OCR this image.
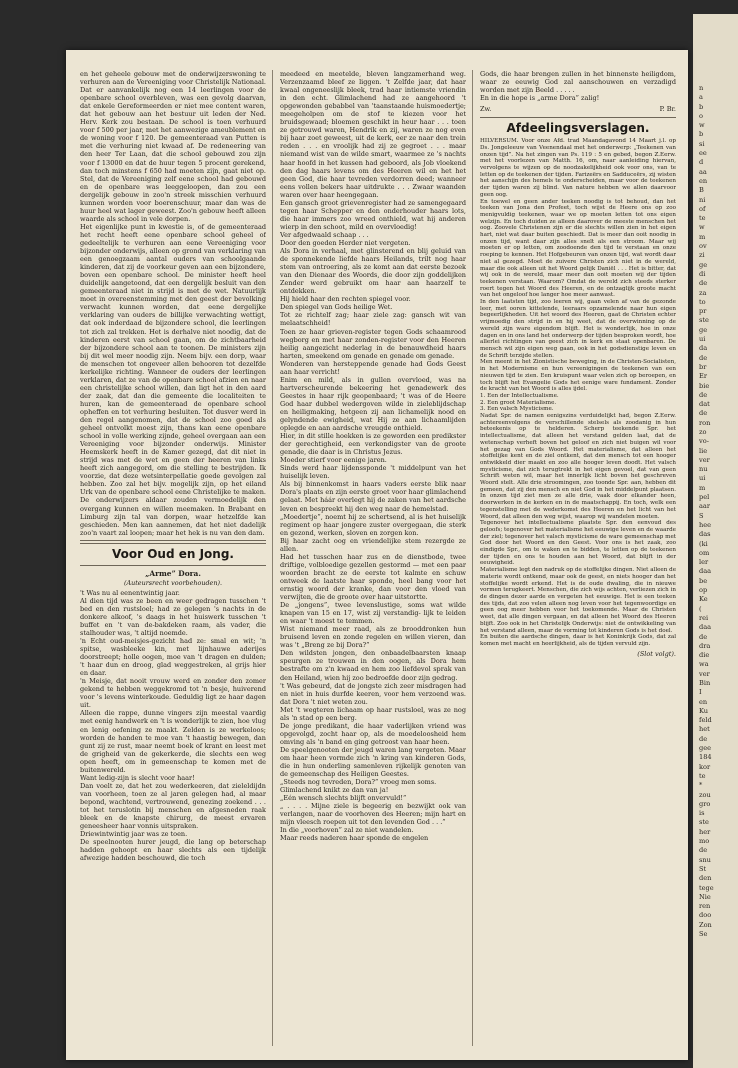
n
a
b
o
w
b
si
ee
d
aa
en
B
ni
of
te
w
m
ov
zi
ge
di
de
za
to
pr
ste
ge
ui
da
de
br
Er
bie
de
dat
de
ron
zo
vo-
lie
ver
nu
ui
m
pel
aar
S
hee
das
(ki
om
ler
daa
be
op
Ke
(
rei
daa
de
dra
die
wa
ver
Bin
I
en
Ku
feld
het
de
gee
184
kor
te
*
zou
gro
is
ste
her
mo
de
snu
St
den
tege
Nie
ren
doo
Zon
Se

en het geheele gebouw met de onderwijzerswoning te verhuren aan de Vereeniging voor Christelijk Nationaal. Dat er aanvankelijk nog een 14 leerlingen voor de openbare school overbleven, was een gevolg daarvan, dat enkele Gereformeerden er niet mee content waren, dat het gebouw aan het bestuur uit leden der Ned. Herv. Kerk zou bestaan. De school is toen verhuurd voor f 500 per jaar, met het aanwezige ameublement en de woning voor f 120. De gemeenteraad van Putten is met die verhuring niet kwaad af. De redeneering van den heer Ter Laan, dat die school gebouwd zou zijn voor f 13000 en dat de huur tegen 5 procent gerekend, dan toch minstens f 650 had moeten zijn, gaat niet op. Stel, dat de Vereeniging zelf eene school had gebouwd en de openbare was leeggeloopen, dan zou een dergelijk gebouw in zoo'n streek misschien verhuurd kunnen worden voor boerenschuur, maar dan was de huur heel wat lager geweest. Zoo'n gebouw heeft alleen waarde als school in vele dorpen.
Het eigenlijke punt in kwestie is, of de gemeenteraad het recht heeft eene openbare school geheel of gedeeltelijk te verhuren aan eene Vereeniging voor bijzonder onderwijs, alleen op grond van verklaring van een genoegzaam aantal ouders van schoolgaande kinderen, dat zij de voorkeur geven aan een bijzondere, boven een openbare school. De minister heeft heel duidelijk aangetoond, dat een dergelijk besluit van den gemeenteraad niet in strijd is met de wet. Natuurlijk moet in overeenstemming met den geest der bevolking verwacht kunnen worden, dat eene dergelijke verklaring van ouders de billijke verwachting wettigt, dat ook inderdaad de bijzondere school, die leerlingen tot zich zal trekken. Het is derhalve niet noodig, dat de kinderen eerst van school gaan, om de zichtbaarheid der bijzondere school aan te toonen. De ministers zijn bij dit wel meer noodig zijn. Neem bijv. een dorp, waar de menschen tot ongeveer allen behooren tot dezelfde kerkelijke richting. Wanneer de ouders der leerlingen verklaren, dat ze van de openbare school afzien en naar een christelijke school willen, dan ligt het in den aard der zaak, dat dan die gemeente die localiteiten te huren, kan de gemeenteraad de openbare school opheffen en tot verhuring besluiten. Tot dusver werd in den regel aangenomen, dat de school zoo goed als geheel ontvolkt moest zijn, thans kan eene openbare school in volle werking zijnde, geheel overgaan aan een Vereeniging voor bijzonder onderwijs. Minister Heemskerk heeft in de Kamer gezegd, dat dit niet in strijd was met de wet en geen der heeren van links heeft zich aangegord, om die stelling te bestrijden. Ik voorzie, dat deze wetsinterpellatie goede gevolgen zal hebben. Zoo zal het bijv. mogelijk zijn, op het eiland Urk van de openbare school eene Christelijke te maken. De onderwijzers aldaar zouden vermoedelijk den overgang kunnen en willen meemaken. In Brabant en Limburg zijn tal van dorpen, waar hetzelfde kan geschieden. Men kan aannemen, dat het niet dadelijk zoo'n vaart zal loopen; maar het hek is nu van den dam.

Voor Oud en Jong.
„Arme” Dora.
(Auteursrecht voorbehouden).

't Was nu al eenentwintig jaar.
Al dien tijd was ze been en weer gedragen tusschen 't bed en den rustsloel; had ze gelegen 's nachts in de donkere alkoof, 's daags in het huiswerk tusschen 't buffet en 't van de-bakdeken raam, als vader, die stalhouder was, 't altijd noemde.
'n Echt oud-meisjes-gezicht had ze: smal en wit; 'n spitse, wasbleeke kin, met lijnhauwe aderijes doorstreept; holle oogen, moe van 't dragen en dulden; 't haar dun en droog, glad weggestreken, al grijs hier en daar.
'n Meisje, dat nooit vrouw werd en zonder den zomer gekend te hebben weggekromd tot 'n besje, huiverend voor 's levens winterkoude. Geduldig ligt ze haar dagen uit.
Alleen die rappe, dunne vingers zijn meestal vaardig met eenig handwerk en 't is wonderlijk te zien, hoe vlug en lenig oefening ze maakt. Zelden is ze werkeloos; worden de handen te moe van 't haastig bewegen, dan gunt zij ze rust, maar neemt boek of krant en leest met de grigheid van de gekerkerde, die slechts een weg open heeft, om in gemeenschap te komen met de buitenwereld.
Want ledig-zijn is slecht voor haar!
Dan voelt ze, dat het zou wederkeeren, dat zieleldijdn van voorheen, toen ze al jaren gelegen had, al maar bepond, wachtend, vertrouwend, genezing zoekend . . . tot het teruslotin bij menschen en afgesneden raak bleek en de knapste chirurg, de meest ervaren geneesheer haar vonnis uitspraken.
Driewintwintig jaar was ze toen.
De speelnooten hurer jeugd, die lang op beterschap hadden gehoopt en haar slechts als een tijdelijk afwezige hadden beschouwd, die toch

meedeed en meetelde, bleven langzamerhand weg. Verzenzaamd bleef ze liggen. 't Zelfde jaar, dat haar kwaal ongeneeslijk bleek, trad haar intiemste vriendin in den echt. Glimlachend had ze aangehoord 't opgewonden gebabbel van 'taanstaande huismoedertje; meegeholpen om de stof te kiezen voor het bruidsgewaad; bloemen geschikt in heur haar . . . toen ze getrouwd waren, Hendrik en zij, waren ze nog even bij haar zoet geweest, uit de kerk, eer ze naar den trein reden . . . en vroolijk had zij ze gegroet . . . maar niemand wist van de wilde smart, waarmee ze 's nachts haar hoofd in het kussen had geboord, als Job vloekend den dag haars levens om des Heeren wil en het het geen God, die haar tevreden verdorren deed; wanneer eens vollen bekers haar uitdrukte . . . Zwaar waanden waren over haar heengegaan.
Een gansch groot grievenregister had ze samengegaard tegen haar Schepper en den onderhouder haars lots, die haar immers zoo wreed onthield, wat hij anderen wierp in den schoot, mild en overvloedig!
Ver afgedwaald schaap . . .
Door den goeden Herder niet vergeten.
Als Dora in verhaal, met glinsterend en blij geluid van de sponnekende liefde haars Heilands, trilt nog haar stem van ontroering, als ze komt aan dat eerste bezoek van den Dienaar des Woords, die door zijn goddelijken Zender werd gebruikt om haar aan haarzelf te ontdekken.
Hij hield haar den rechten spiegel voor.
Den spiegel van Gods heilige Wet.
Tot ze richtelf zag; haar ziele zag: gansch wit van melaatschheid!
Toen ze haar grieven-register tegen Gods schaamrood wegborg en met haar zonden-register voor den Heeren heilig aangezicht nederlag in de benauwdheid haars harten, smeekend om genade en genade om genade.
Wonderen van hersteppende genade had Gods Geest aan haar verricht!
Enim en mild, als in gullen overvloed, was na hartverscheurende bekeering het genadewerk des Geestes in haar rijk geopenbaard; 't was of de Heere God haar dubbel wedergoven wilde in zieleblijdschap en heiligmaking, hetgeen zij aan lichamelijk nood en gelyndende ewigheid, wat Hij ze aan lichaamlijden oplegde en aan aardsche vreugde onthield.
Hier, in dit stille hoekken is ze geworden een predikster der gerechtigheid, een verkondigster van de groote genade, die daar is in Christus Jezus.
Moeder stierf voor eenige jaren.
Sinds werd haar lijdenssponde 't middelpunt van het huiselijk leven.
Als bij binnenkomst in haars vaders eerste blik naar Dora's plaats en zijn eerste groet voor haar glimlachend gelaat. Met háár overlegt hij de zaken van het aardsche leven en bespreekt hij den weg naar de hemelstad.
„Moedertje”, noemt hij ze schertsend, al is het huiselijk regiment op haar jongere zuster overgegaan, die sterk en gezond, werken, sloven en zorgen kon.
Bij haar zacht oog en vriendelijke stem rezergde ze allen.
Had het tusschen haar zus en de dienstbode, twee driftige, volbloedige gezellen gestormd — met een paar woorden bracht ze de eerste tot kalmte en schuw ontweek de laatste haar sponde, heel bang voor het ernstig woord der kranke, dan voor den vloed van verwijten, die de groote over haar uitstortte.
De „jongens”, twee levenslustige, soms wat wilde knapen van 15 en 17, wist zij verstandig- lijk te leiden en waar 't moest te temmen.
Wist niemand meer raad, als ze brooddronken hun bruisend leven en zonde regelen en willen vieren, dan was 't „Breng ze bij Dora?”
Den wildsten jongen, den onbaadelbaarsten knaap speurgen ze trouwen in den oogen, als Dora hem bestrafte om z'n kwaad en hem zoo liefdevol sprak van den Heiland, wien hij zoo bedroefde door zijn gedrag.
't Was gebeurd, dat de jongste zich zeer misdragen had en niet in huis durfde keeren, voor hem verzoend was. dat Dora 't niet weten zou.
Met 't wegteren lichaam op haar rustsloel, was ze nog als 'n stad op een berg.
De jonge predikant, die haar vaderlijken vriend was opgevolgd, zocht haar op, als de moedeloosheid hem omving als 'n band en ging getroost van haar heen.
De speelgenooten der jeugd waren lang vergeten. Maar om haar heen vormde zich 'n kring van kinderen Gods, die in hun onderling samenleven rijkelijk genoten van de gemeenschap des Heiligen Geestes.
„Steeds nog tevreden, Dora?” vroeg men soms.
Glimlachend knikt ze dan van ja!
„Eén wensch slechts blijft onvervuld!”
„ . . . . Mijne ziele is begeerig en bezwijkt ook van verlangen, naar de voorhoven des Heeren; mijn hart en mijn vleesch roepen uit tot den levenden God . . .”
In die „voorhoven” zal ze niet wandelen.
Maar reeds naderen haar sponde de engelen

Gods, die haar brengen zullen in het binnenste heiligdom, waar ze eeuwig God zal aanschouwen en verzadigd worden met zijn Beeld . . . . .
En in die hope is „arme Dora” zalig!

Zw.	P. Br.
Afdeelingsverslagen.

HILVERSUM. Voor onze Afd. trad Maandagavond 14 Maart j.l. op Ds. Jongeleeuw van Veenendaal met het onderwerp: „Teekenen van onzen tijd”. Na het zingen van Ps. 119 : 5 en gebed, begon Z.Eerw. met het voorlezen van Matth. 16, om, naar aanleiding hiervan, vervolgens te wijzen op de noodzakelijkheid ook voor ons, van te letten op de teekenen der tijden. Farizeërs en Sadduceërs, zij wisten het aanschijn des hemels te onderscheiden, maar voor de teekenen der tijden waren zij blind. Van nature hebben we allen daarvoor geen oog.
En toewel en geen ander teeken noodig is tot behoud, dan het teeken van Jona den Profeet, toch wijst de Heere ons op zoo menigvuldig teekenen, waar we op moeten letten tot ons eigen welzijn. En toch duiden ze alleen daarover de meeste menschen het oog. Zoovele Christenen zijn er die slechts willen zien in het eigen hart, niet wat daar buiten geschiedt. Dat is meer dan ooit noodig in onzen tijd, want daar zijn alles snelt als een stroom. Maar wij moeten er op letten, om zoodoende den tijd te verstaan en onze roeping te kennen. Het Hofgebeuren van onzen tijd, wat wordt daar niet al gezegd. Moet de zuivere Christen zich niet in de wereld, maar die ook alleen uit het Woord gelijk Daniël . . . Het is bitter, dat wij ook in de wereld, maar meer dan ooit moeten wij der tijden teekenen verstaan. Waarom? Omdat de wereld zich steeds sterker roert tegen het Woord des Heeren, en de ontzaglijk groote macht van het ongeloof hoe langer hoe meer aanwast.
In den laatsten tijd, zoo leeren wij, gaan velen af van de gezonde leer, met ooren kittelende, leeraars opzamelende naar hun eigen begeerlijkheden. Uit het woord des Heeren, gaat de Christen echter vrijmoedig den strijd in en hij weet, dat de overwinning op de wereld zijn ware eigendom blijft. Het is wonderlijk, hoe in onze dagen en in ons land het onderwerp der tijden besproken wordt, hoe allerlei richtingen van geest zich in kerk en staat openbaren. De mensch wil zijn eigen weg gaan, ook in het godsdienstige leven en de Schrift terzijde stellen.
Men meent in het Zionistische beweging, in de Christen-Socialisten, in het Modernisme en hun vereenigingen de teekenen van een nieuwen tijd te zien. Een kruispunt waar velen zich op beroepen, en toch blijft het Evangelie Gods het eenige ware fundament. Zonder de kracht van het Woord is alles ijdel.
1. Een der Intellectualisme.
2. Een groot Materialisme.
3. Een valsch Mysticisme.
Nadat Spr. de namen eenigszins verduidelijkt had, begon Z.Eerw. achtereenvolgens de verschillende stelsels als zoodanig in hun beteekenis op te helderen. Scherp teekende Spr. het intellectualisme, dat alleen het verstand gelden laat, dat de wetenschap verheft boven het geloof en zich niet buigen wil voor het gezag van Gods Woord. Het materialisme, dat alleen het stoffelijke kent en de ziel ontkent, dat den mensch tot een hooger ontwikkeld dier maakt en zoo alle hooger leven doodt. Het valsch mysticisme, dat zich terugtrekt in het eigen gevoel, dat van geen Schrift weten wil, maar het innerlijk licht boven het geschreven Woord stelt. Alle drie stroomingen, zoo toonde Spr. aan, hebben dit gemeen, dat zij den mensch en niet God in het middelpunt plaatsen. In onzen tijd ziet men ze alle drie, vaak door elkander heen, doorwerken in de kerken en in de maatschappij. En toch, welk een tegenstelling met de wederkomst des Heeren en het licht van het Woord, dat alleen den weg wijst, waarop wij wandelen moeten.
Tegenover het intellectualisme plaatste Spr. den eenvoud des geloofs; tegenover het materialisme het eeuwige leven en de waarde der ziel; tegenover het valsch mysticisme de ware gemeenschap met God door het Woord en den Geest. Voor ons is het zaak, zoo eindigde Spr., om te waken en te bidden, te letten op de teekenen der tijden en ons te houden aan het Woord, dat blijft in der eeuwigheid.
Materialisme legt den nadruk op de stoffelijke dingen. Niet alleen de materie wordt ontkend, maar ook de geest, en niets hooger dan het stoffelijke wordt erkend. Het is de oude dwaling, die in nieuwe vormen terugkeert. Menschen, die zich wijs achten, verliezen zich in de dingen dezer aarde en vergeten het eeuwige. Het is een teeken des tijds, dat zoo velen alleen nog leven voor het tegenwoordige en geen oog meer hebben voor het toekomende. Maar de Christen weet, dat alle dingen vergaan, en dat alleen het Woord des Heeren blijft. Zoo ook in het Christelijk Onderwijs: niet de ontwikkeling van het verstand alleen, maar de vorming tot kinderen Gods is het doel.
En buiten die aardsche dingen, daar is het Koninkrijk Gods, dat zal komen met macht en heerlijkheid, als de tijden vervuld zijn.

(Slot volgt).
